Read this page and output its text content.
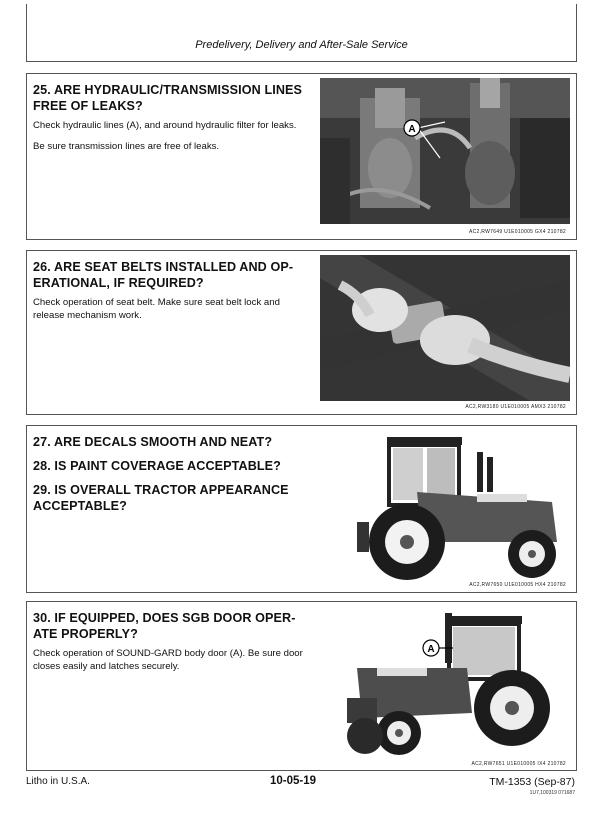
Predelivery, Delivery and After-Sale Service

25. ARE HYDRAULIC/TRANSMISSION LINES FREE OF LEAKS?

Check hydraulic lines (A), and around hydraulic filter for leaks.

Be sure transmission lines are free of leaks.

A
AC2,RW7649 U1E010005 GX4 210782

26. ARE SEAT BELTS INSTALLED AND OP-ERATIONAL, IF REQUIRED?

Check operation of seat belt. Make sure seat belt lock and release mechanism work.

AC2,RW3180 U1E010005 AMX3 210782

27. ARE DECALS SMOOTH AND NEAT?

28. IS PAINT COVERAGE ACCEPTABLE?

29. IS OVERALL TRACTOR APPEARANCE ACCEPTABLE?

AC2,RW7650 U1E010005 HX4 210782

30. IF EQUIPPED, DOES SGB DOOR OPER-ATE PROPERLY?

Check operation of SOUND-GARD body door (A). Be sure door closes easily and latches securely.

A
AC2,RW7651 U1E010005 IX4 210782
Litho in U.S.A.	10-05-19	TM-1353 (Sep-87)
1U7,100319 071687
